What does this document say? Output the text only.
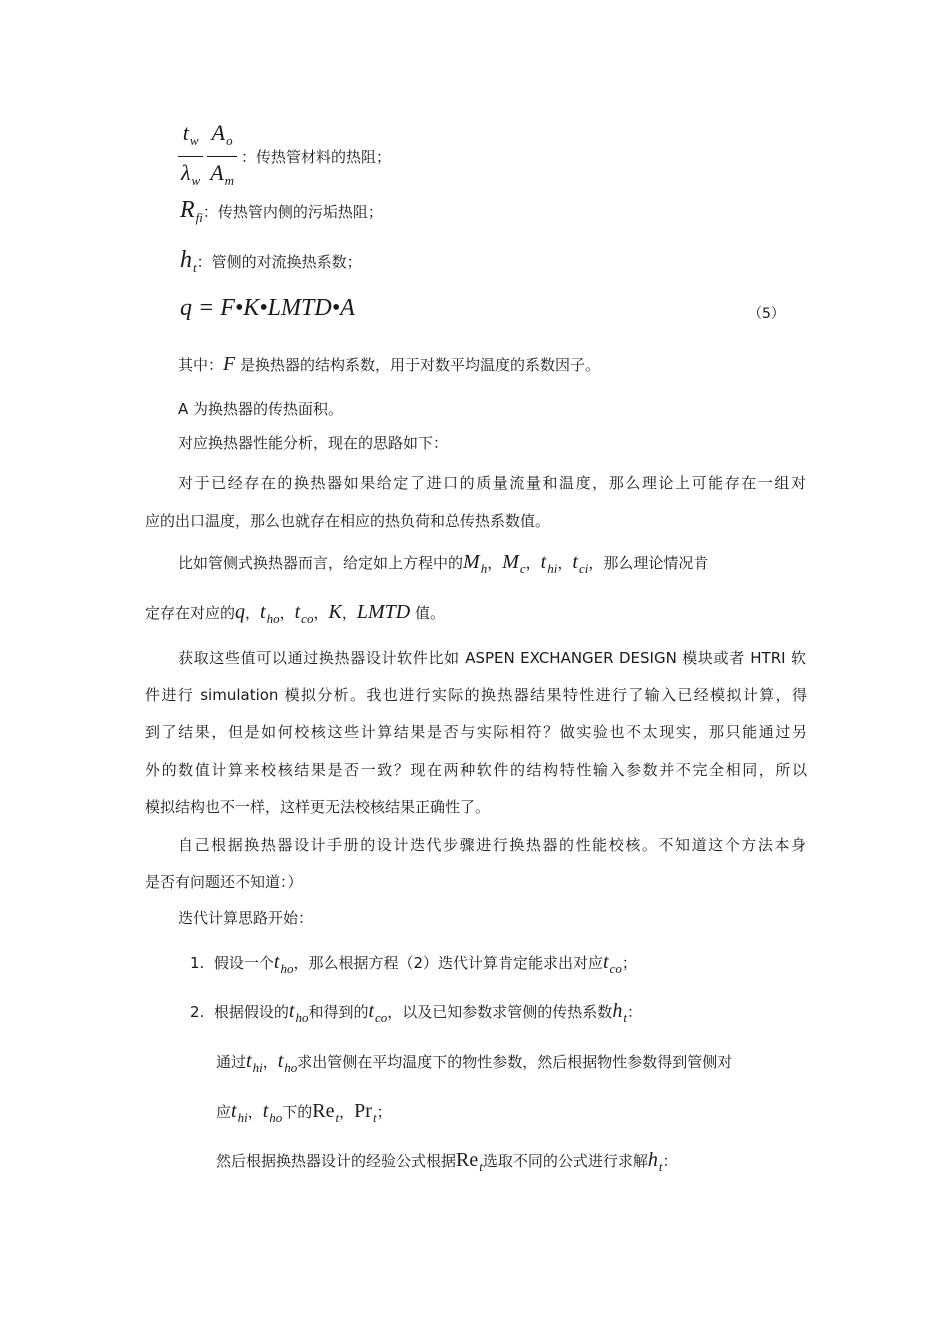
$\frac{t_w}{\lambda_w} \frac{A_o}{A_m}$ ：传热管材料的热阻；
$R_{fi}$：传热管内侧的污垢热阻；
$h_t$：管侧的对流换热系数；
q = F•K•LMTD•A	（5）
其中：F 是换热器的结构系数，用于对数平均温度的系数因子。
A 为换热器的传热面积。
对应换热器性能分析，现在的思路如下：
对于已经存在的换热器如果给定了进口的质量流量和温度，那么理论上可能存在一组对
应的出口温度，那么也就存在相应的热负荷和总传热系数值。
比如管侧式换热器而言，给定如上方程中的$M_h$，$M_c$，$t_{hi}$，$t_{ci}$，那么理论情况肯
定存在对应的q，$t_{ho}$，$t_{co}$，K，LMTD 值。
获取这些值可以通过换热器设计软件比如 ASPEN EXCHANGER DESIGN 模块或者 HTRI 软
件进行 simulation 模拟分析。我也进行实际的换热器结果特性进行了输入已经模拟计算，得
到了结果，但是如何校核这些计算结果是否与实际相符？做实验也不太现实，那只能通过另
外的数值计算来校核结果是否一致？现在两种软件的结构特性输入参数并不完全相同，所以
模拟结构也不一样，这样更无法校核结果正确性了。
自己根据换热器设计手册的设计迭代步骤进行换热器的性能校核。不知道这个方法本身
是否有问题还不知道：）
迭代计算思路开始：
1. 假设一个$t_{ho}$，那么根据方程（2）迭代计算肯定能求出对应$t_{co}$；
2. 根据假设的$t_{ho}$和得到的$t_{co}$，以及已知参数求管侧的传热系数$h_t$：
通过$t_{hi}$，$t_{ho}$求出管侧在平均温度下的物性参数，然后根据物性参数得到管侧对
应$t_{hi}$，$t_{ho}$下的$Re_t$，$Pr_t$；
然后根据换热器设计的经验公式根据$Re_t$选取不同的公式进行求解$h_t$：
